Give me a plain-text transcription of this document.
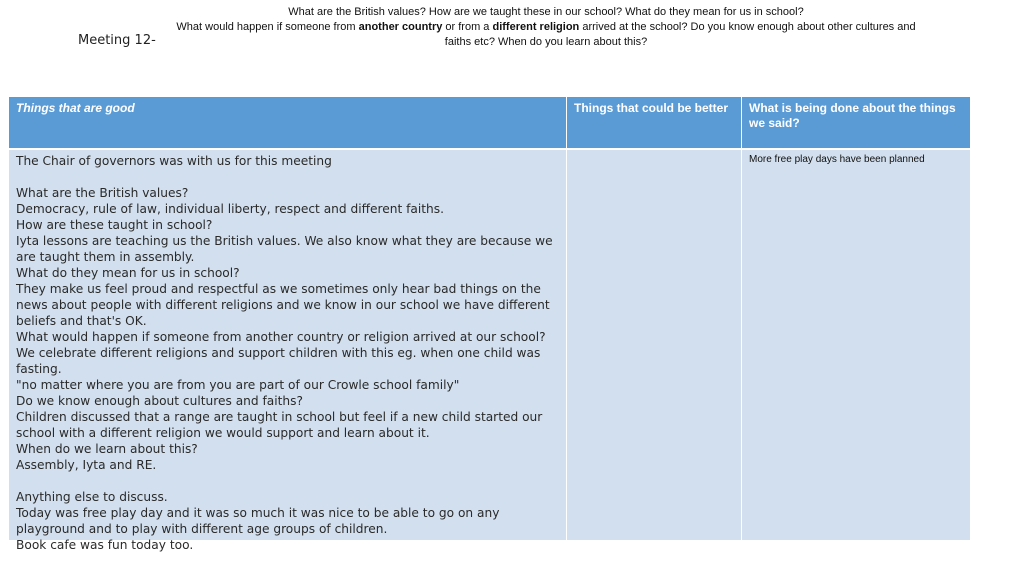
Meeting 12-
What are the British values? How are we taught these in our school? What do they mean for us in school?
What would happen if someone from another country or from a different religion arrived at the school? Do you know enough about other cultures and faiths etc? When do you learn about this?
Things that are good	Things that could be better	What is being done about the things we said?

The Chair of governors was with us for this meeting

What are the British values?
Democracy, rule of law, individual liberty, respect and different faiths.
How are these taught in school?
Iyta lessons are teaching us the British values. We also know what they are because we are taught them in assembly.
What do they mean for us in school?
They make us feel proud and respectful as we sometimes only hear bad things on the news about people with different religions and we know in our school we have different beliefs and that's OK.
What would happen if someone from another country or religion arrived at our school?
We celebrate different religions and support children with this eg. when one child was fasting.
"no matter where you are from you are part of our Crowle school family"
Do we know enough about cultures and faiths?
Children discussed that a range are taught in school but feel if a new child started our school with a different religion we would support and learn about it.
When do we learn about this?
Assembly, Iyta and RE.

Anything else to discuss.
Today was free play day and it was so much it was nice to be able to go on any playground and to play with different age groups of children.
Book cafe was fun today too.

More free play days have been planned
